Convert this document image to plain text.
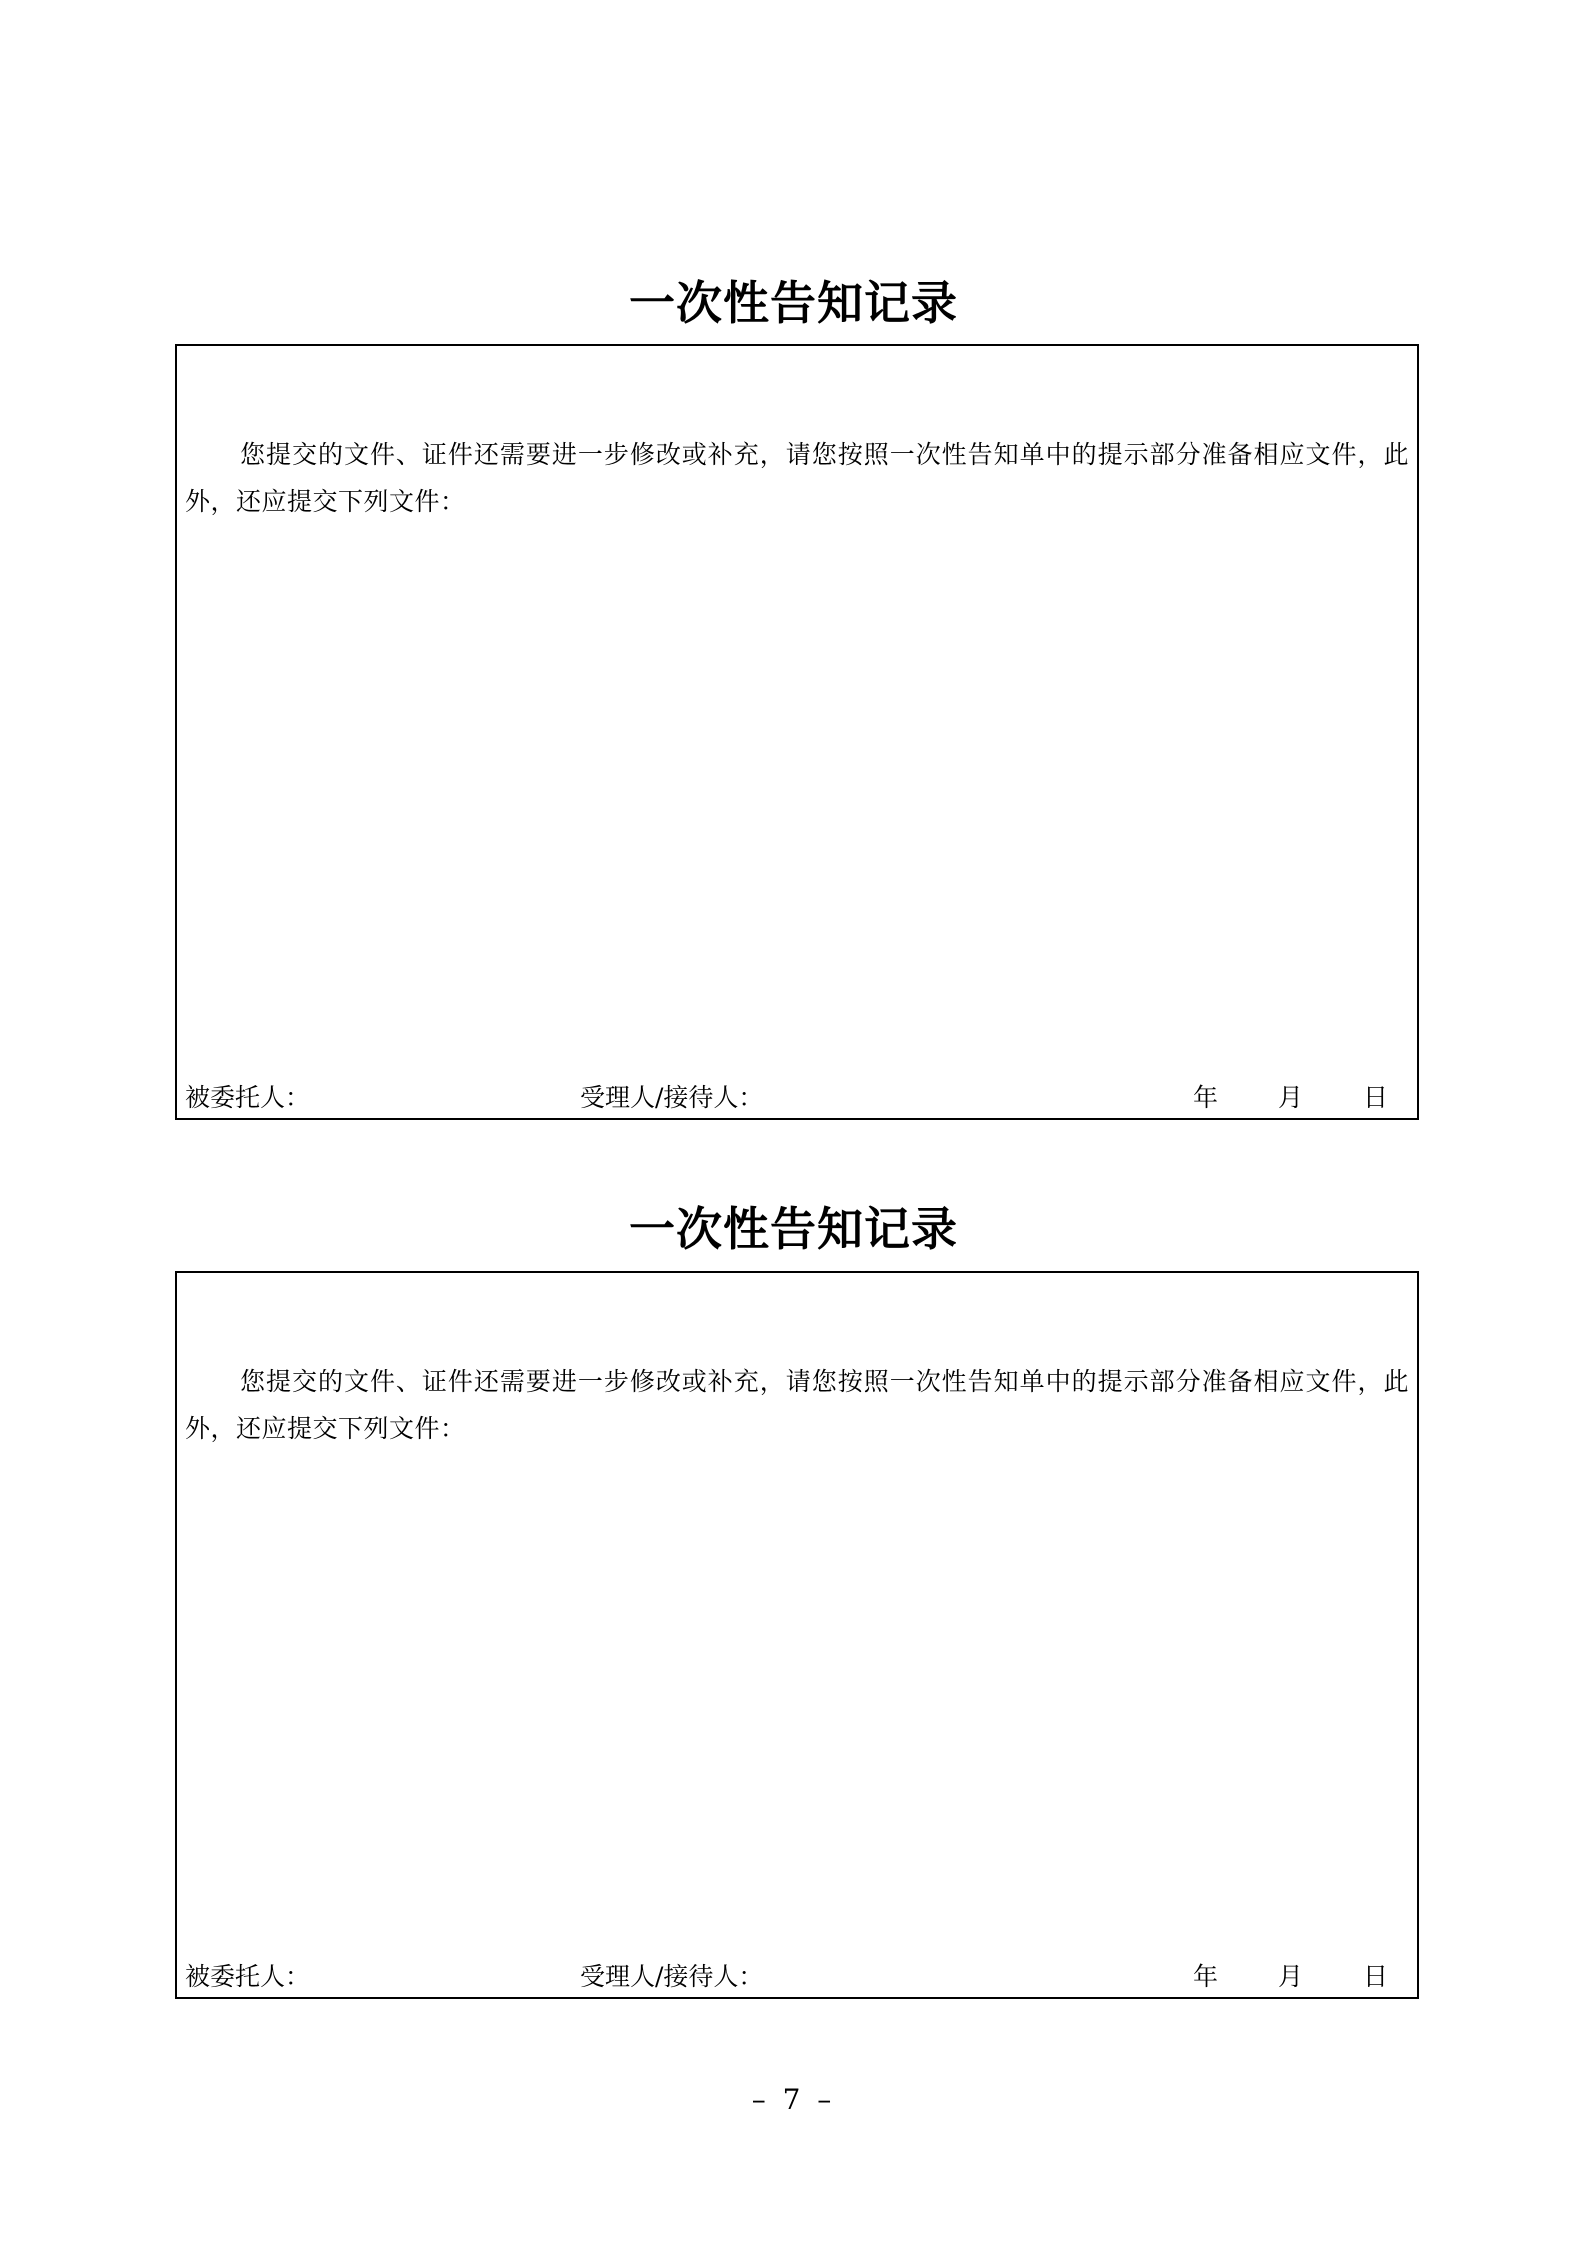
一次性告知记录

您提交的文件、证件还需要进一步修改或补充，请您按照一次性告知单中的提示部分准备相应文件，此外，还应提交下列文件：

被委托人：	受理人/接待人：	年 月 日
一次性告知记录

您提交的文件、证件还需要进一步修改或补充，请您按照一次性告知单中的提示部分准备相应文件，此外，还应提交下列文件：

被委托人：	受理人/接待人：	年 月 日
– 7 –
